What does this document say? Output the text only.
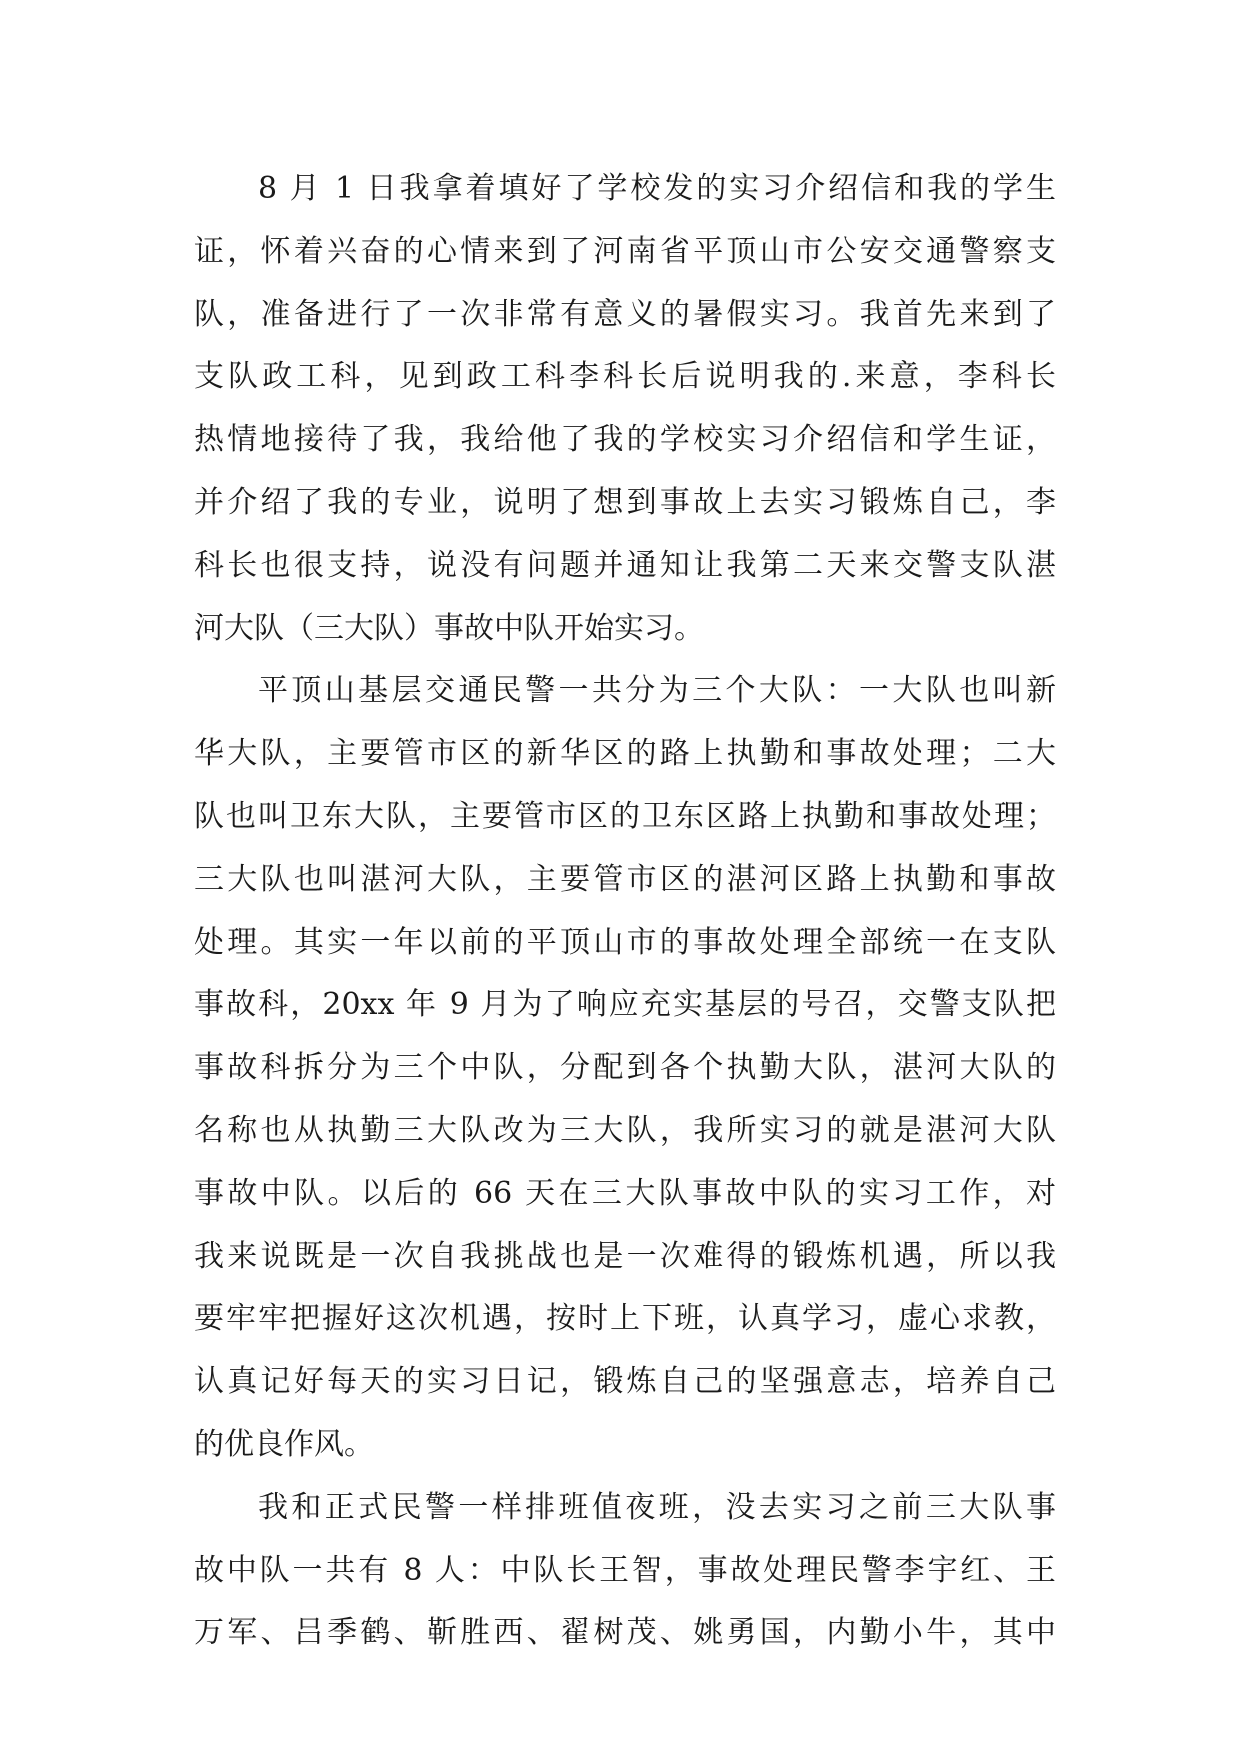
8 月 1 日我拿着填好了学校发的实习介绍信和我的学生
证，怀着兴奋的心情来到了河南省平顶山市公安交通警察支
队，准备进行了一次非常有意义的暑假实习。我首先来到了
支队政工科，见到政工科李科长后说明我的.来意，李科长
热情地接待了我，我给他了我的学校实习介绍信和学生证，
并介绍了我的专业，说明了想到事故上去实习锻炼自己，李
科长也很支持，说没有问题并通知让我第二天来交警支队湛
河大队（三大队）事故中队开始实习。
平顶山基层交通民警一共分为三个大队：一大队也叫新
华大队，主要管市区的新华区的路上执勤和事故处理；二大
队也叫卫东大队，主要管市区的卫东区路上执勤和事故处理；
三大队也叫湛河大队，主要管市区的湛河区路上执勤和事故
处理。其实一年以前的平顶山市的事故处理全部统一在支队
事故科，20xx 年 9 月为了响应充实基层的号召，交警支队把
事故科拆分为三个中队，分配到各个执勤大队，湛河大队的
名称也从执勤三大队改为三大队，我所实习的就是湛河大队
事故中队。以后的 66 天在三大队事故中队的实习工作，对
我来说既是一次自我挑战也是一次难得的锻炼机遇，所以我
要牢牢把握好这次机遇，按时上下班，认真学习，虚心求教，
认真记好每天的实习日记，锻炼自己的坚强意志，培养自己
的优良作风。
我和正式民警一样排班值夜班，没去实习之前三大队事
故中队一共有 8 人：中队长王智，事故处理民警李宇红、王
万军、吕季鹤、靳胜西、翟树茂、姚勇国，内勤小牛，其中
